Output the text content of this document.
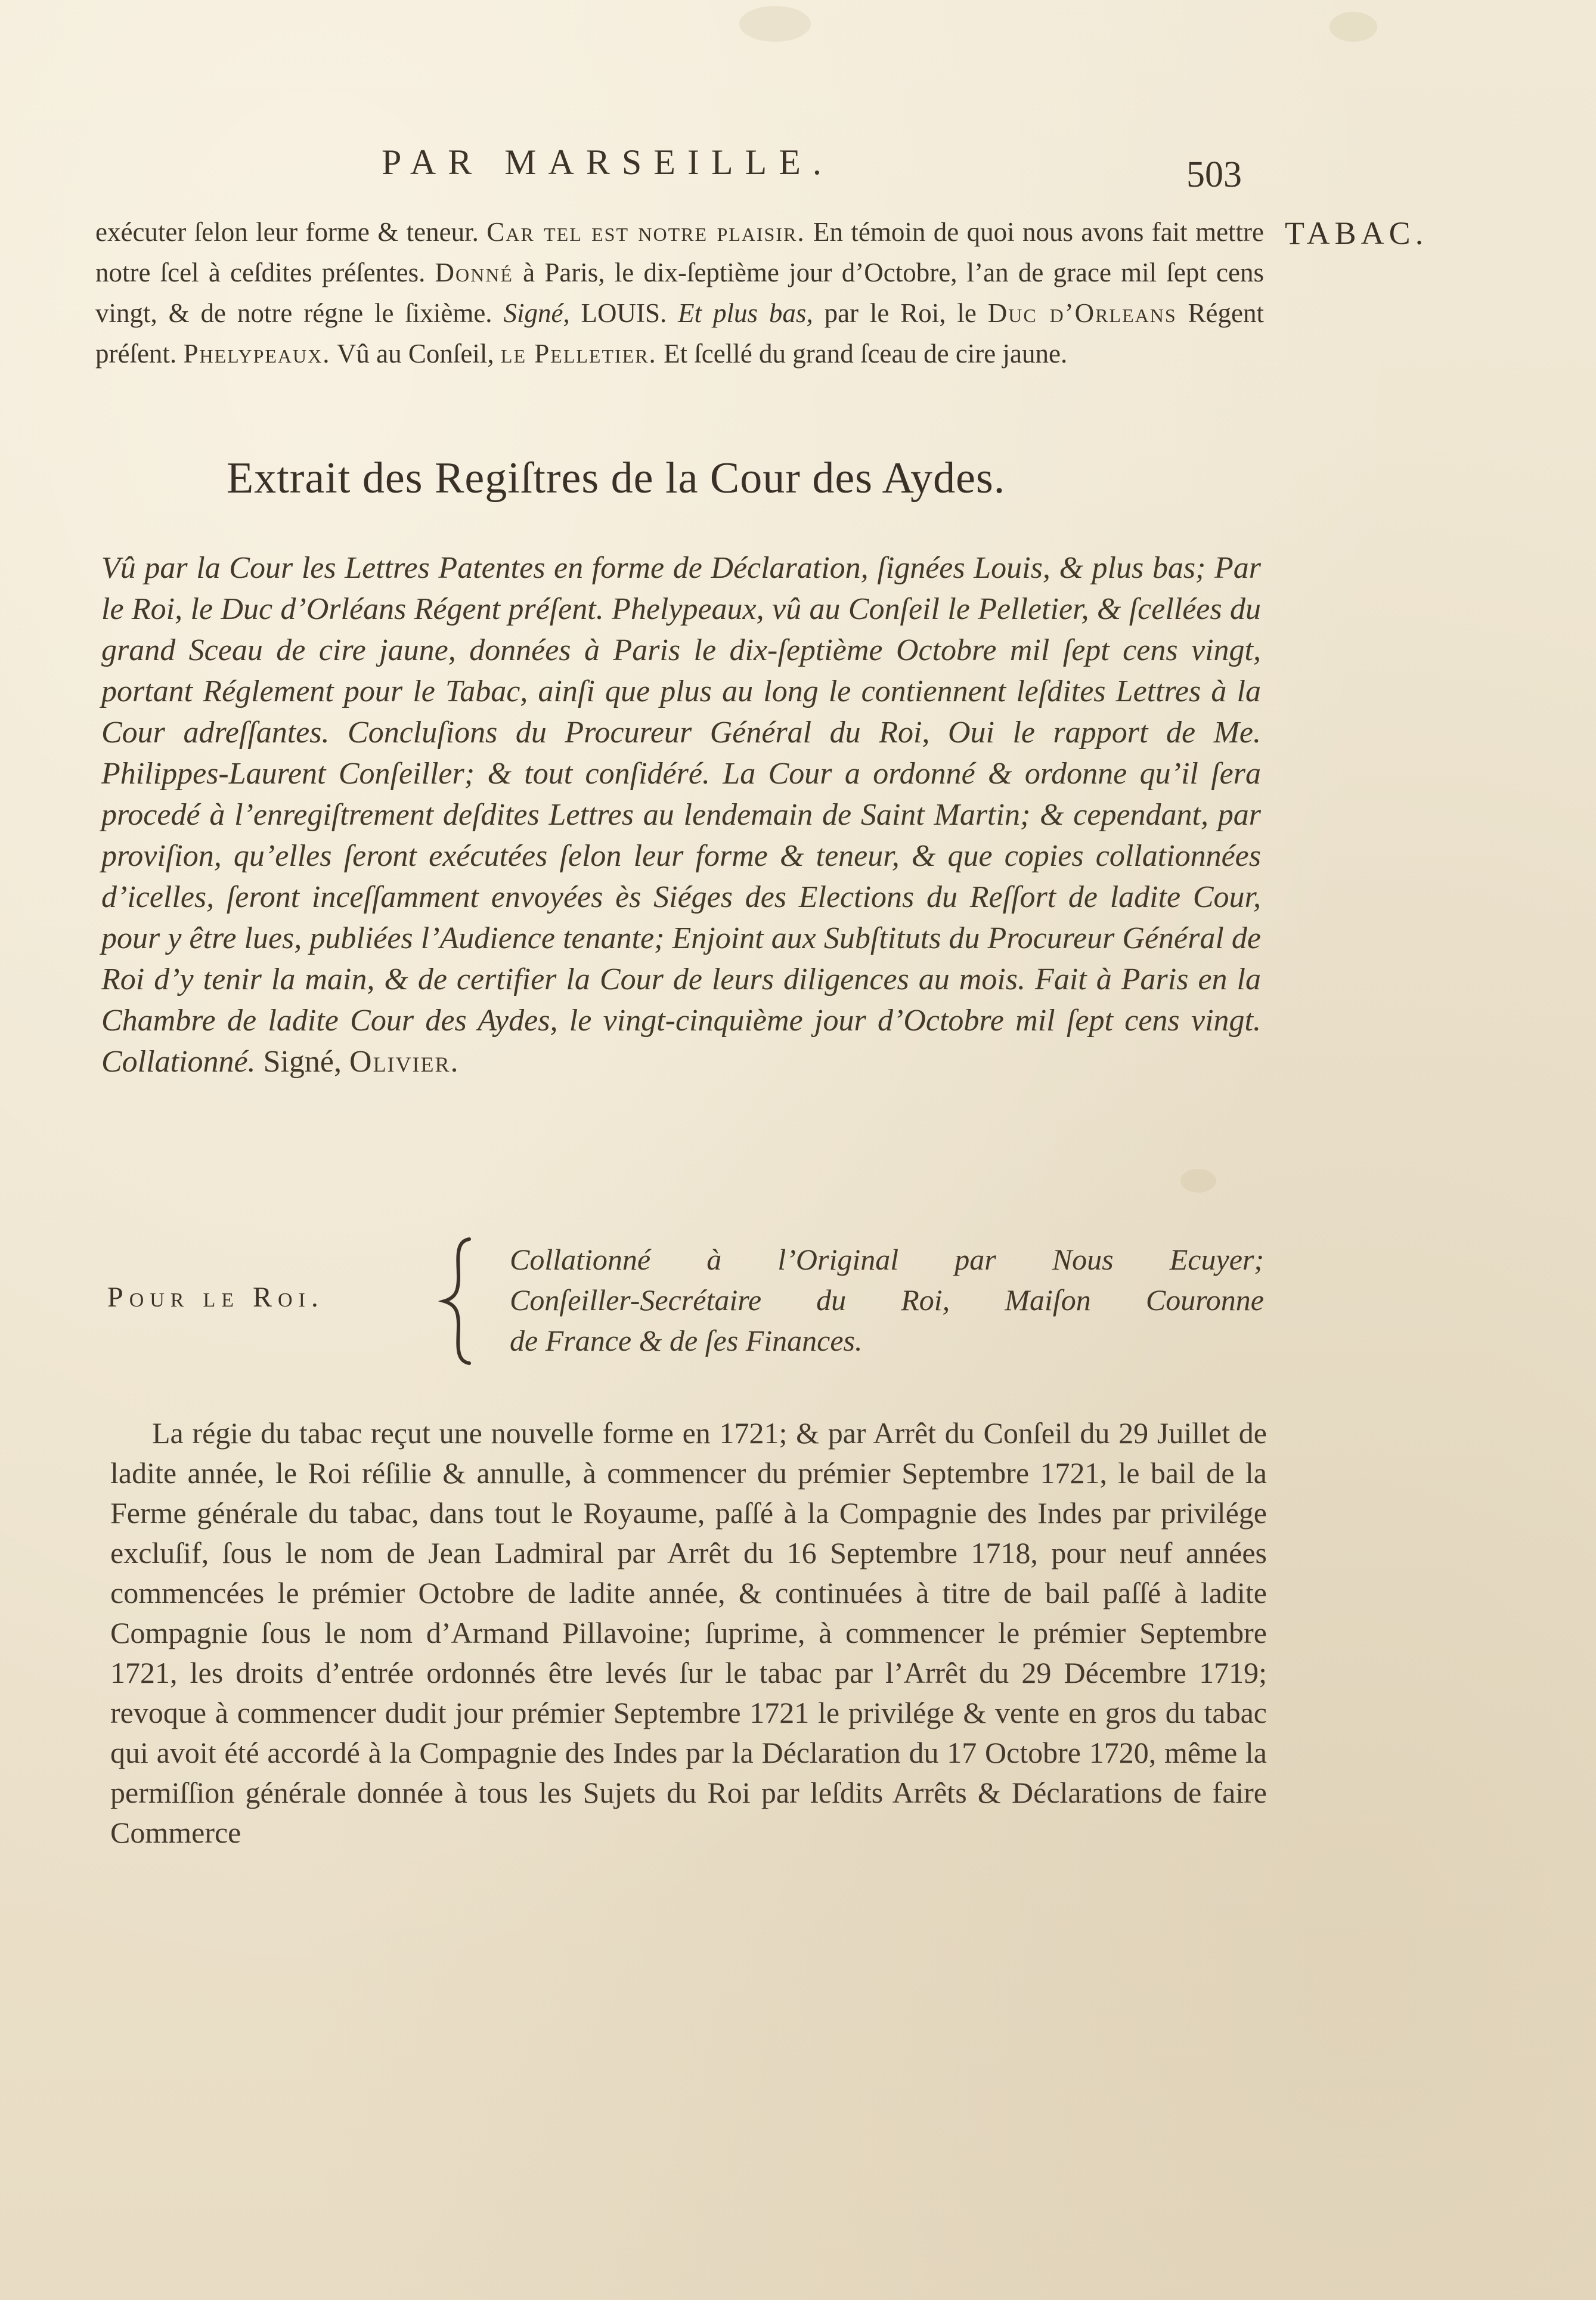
PAR MARSEILLE.	503
TABAC.
exécuter ſelon leur forme & teneur. Car tel est notre plaisir. En témoin de quoi nous avons fait mettre notre ſcel à ceſdites préſentes. Donné à Paris, le dix-ſeptième jour d’Octobre, l’an de grace mil ſept cens vingt, & de notre régne le ſixième. Signé, LOUIS. Et plus bas, par le Roi, le Duc d’Orleans Régent préſent. Phelypeaux. Vû au Conſeil, le Pelletier. Et ſcellé du grand ſceau de cire jaune.
Extrait des Regiſtres de la Cour des Aydes.
Vû par la Cour les Lettres Patentes en forme de Déclaration, ſignées Louis, & plus bas; Par le Roi, le Duc d’Orléans Régent préſent. Phelypeaux, vû au Conſeil le Pelletier, & ſcellées du grand Sceau de cire jaune, données à Paris le dix-ſeptième Octobre mil ſept cens vingt, portant Réglement pour le Tabac, ainſi que plus au long le contiennent leſdites Lettres à la Cour adreſſantes. Concluſions du Procureur Général du Roi, Oui le rapport de Me. Philippes-Laurent Conſeiller; & tout conſidéré. La Cour a ordonné & ordonne qu’il ſera procedé à l’enregiſtrement deſdites Lettres au lendemain de Saint Martin; & cependant, par proviſion, qu’elles ſeront exécutées ſelon leur forme & teneur, & que copies collationnées d’icelles, ſeront inceſſamment envoyées ès Siéges des Elections du Reſſort de ladite Cour, pour y être lues, publiées l’Audience tenante; Enjoint aux Subſtituts du Procureur Général de Roi d’y tenir la main, & de certifier la Cour de leurs diligences au mois. Fait à Paris en la Chambre de ladite Cour des Aydes, le vingt-cinquième jour d’Octobre mil ſept cens vingt. Collationné. Signé, Olivier.
Pour le Roi.
Collationné à l’Original par Nous Ecuyer;
Conſeiller-Secrétaire du Roi, Maiſon Couronne
de France & de ſes Finances.
La régie du tabac reçut une nouvelle forme en 1721; & par Arrêt du Conſeil du 29 Juillet de ladite année, le Roi réſilie & annulle, à commencer du prémier Septembre 1721, le bail de la Ferme générale du tabac, dans tout le Royaume, paſſé à la Compagnie des Indes par privilége excluſif, ſous le nom de Jean Ladmiral par Arrêt du 16 Septembre 1718, pour neuf années commencées le prémier Octobre de ladite année, & continuées à titre de bail paſſé à ladite Compagnie ſous le nom d’Armand Pillavoine; ſuprime, à commencer le prémier Septembre 1721, les droits d’entrée ordonnés être levés ſur le tabac par l’Arrêt du 29 Décembre 1719; revoque à commencer dudit jour prémier Septembre 1721 le privilége & vente en gros du tabac qui avoit été accordé à la Compagnie des Indes par la Déclaration du 17 Octobre 1720, même la permiſſion générale donnée à tous les Sujets du Roi par leſdits Arrêts & Déclarations de faire Commerce
